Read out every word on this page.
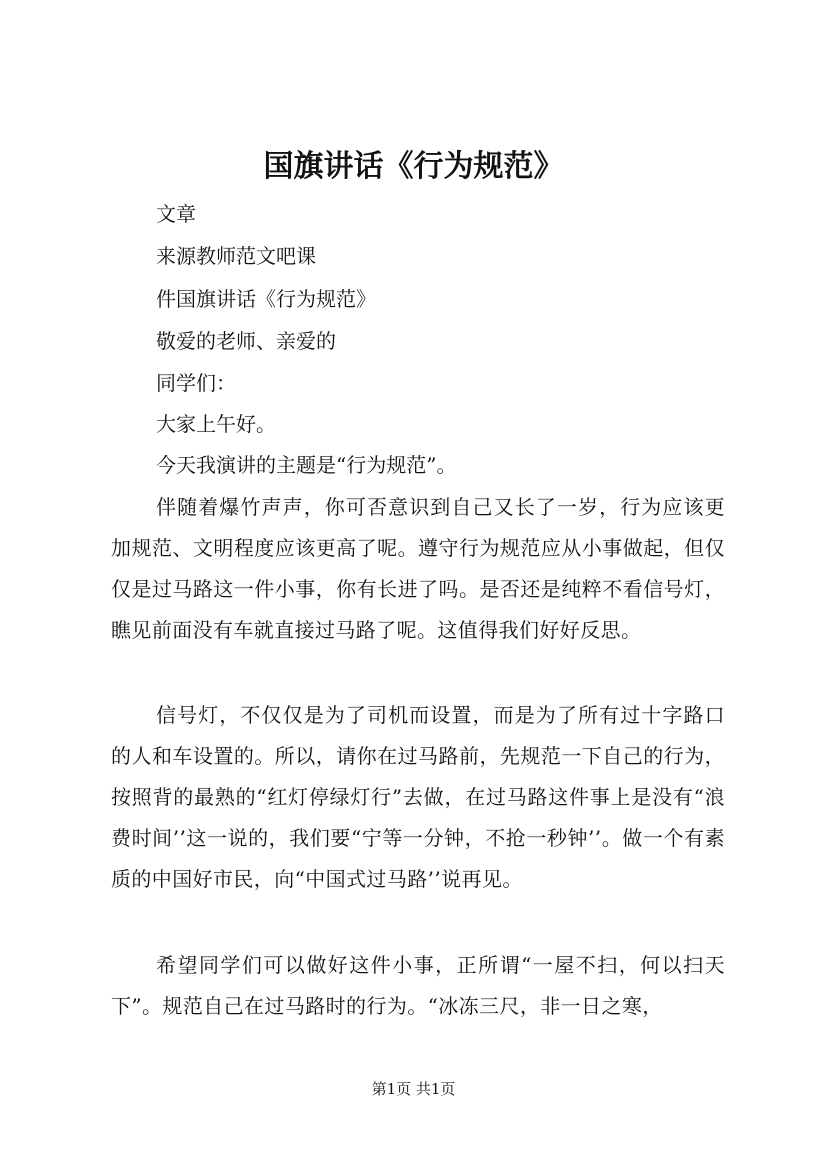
国旗讲话《行为规范》

文章

来源教师范文吧课

件国旗讲话《行为规范》

敬爱的老师、亲爱的

同学们：

大家上午好。

今天我演讲的主题是“行为规范”。

伴随着爆竹声声，你可否意识到自己又长了一岁，行为应该更加规范、文明程度应该更高了呢。遵守行为规范应从小事做起，但仅仅是过马路这一件小事，你有长进了吗。是否还是纯粹不看信号灯，瞧见前面没有车就直接过马路了呢。这值得我们好好反思。

信号灯，不仅仅是为了司机而设置，而是为了所有过十字路口的人和车设置的。所以，请你在过马路前，先规范一下自己的行为，按照背的最熟的“红灯停绿灯行”去做，在过马路这件事上是没有“浪费时间’’这一说的，我们要“宁等一分钟，不抢一秒钟’’。做一个有素质的中国好市民，向“中国式过马路’’说再见。

希望同学们可以做好这件小事，正所谓“一屋不扫，何以扫天下”。规范自己在过马路时的行为。“冰冻三尺，非一日之寒，

第1页 共1页
